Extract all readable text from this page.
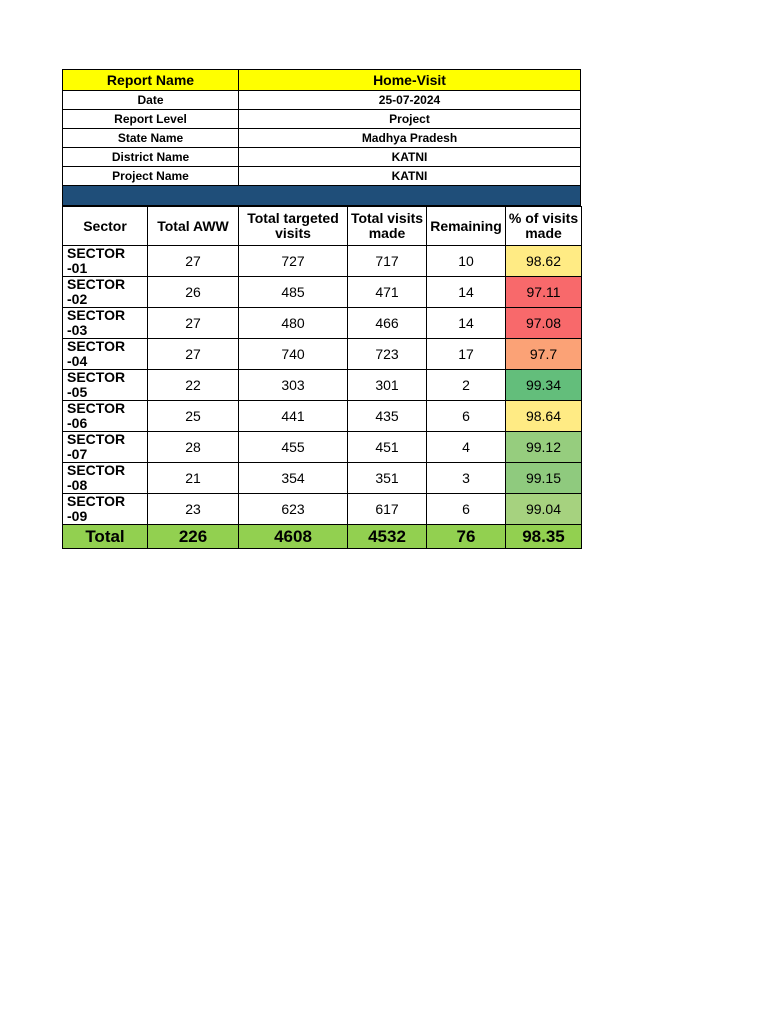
Report Name	Home-Visit
Date	25-07-2024
Report Level	Project
State Name	Madhya Pradesh
District Name	KATNI
Project Name	KATNI
Sector	Total AWW	Total targeted visits	Total visits made	Remaining	% of visits made
SECTOR -01	27	727	717	10	98.62
SECTOR -02	26	485	471	14	97.11
SECTOR -03	27	480	466	14	97.08
SECTOR -04	27	740	723	17	97.7
SECTOR -05	22	303	301	2	99.34
SECTOR -06	25	441	435	6	98.64
SECTOR -07	28	455	451	4	99.12
SECTOR -08	21	354	351	3	99.15
SECTOR -09	23	623	617	6	99.04
Total	226	4608	4532	76	98.35
